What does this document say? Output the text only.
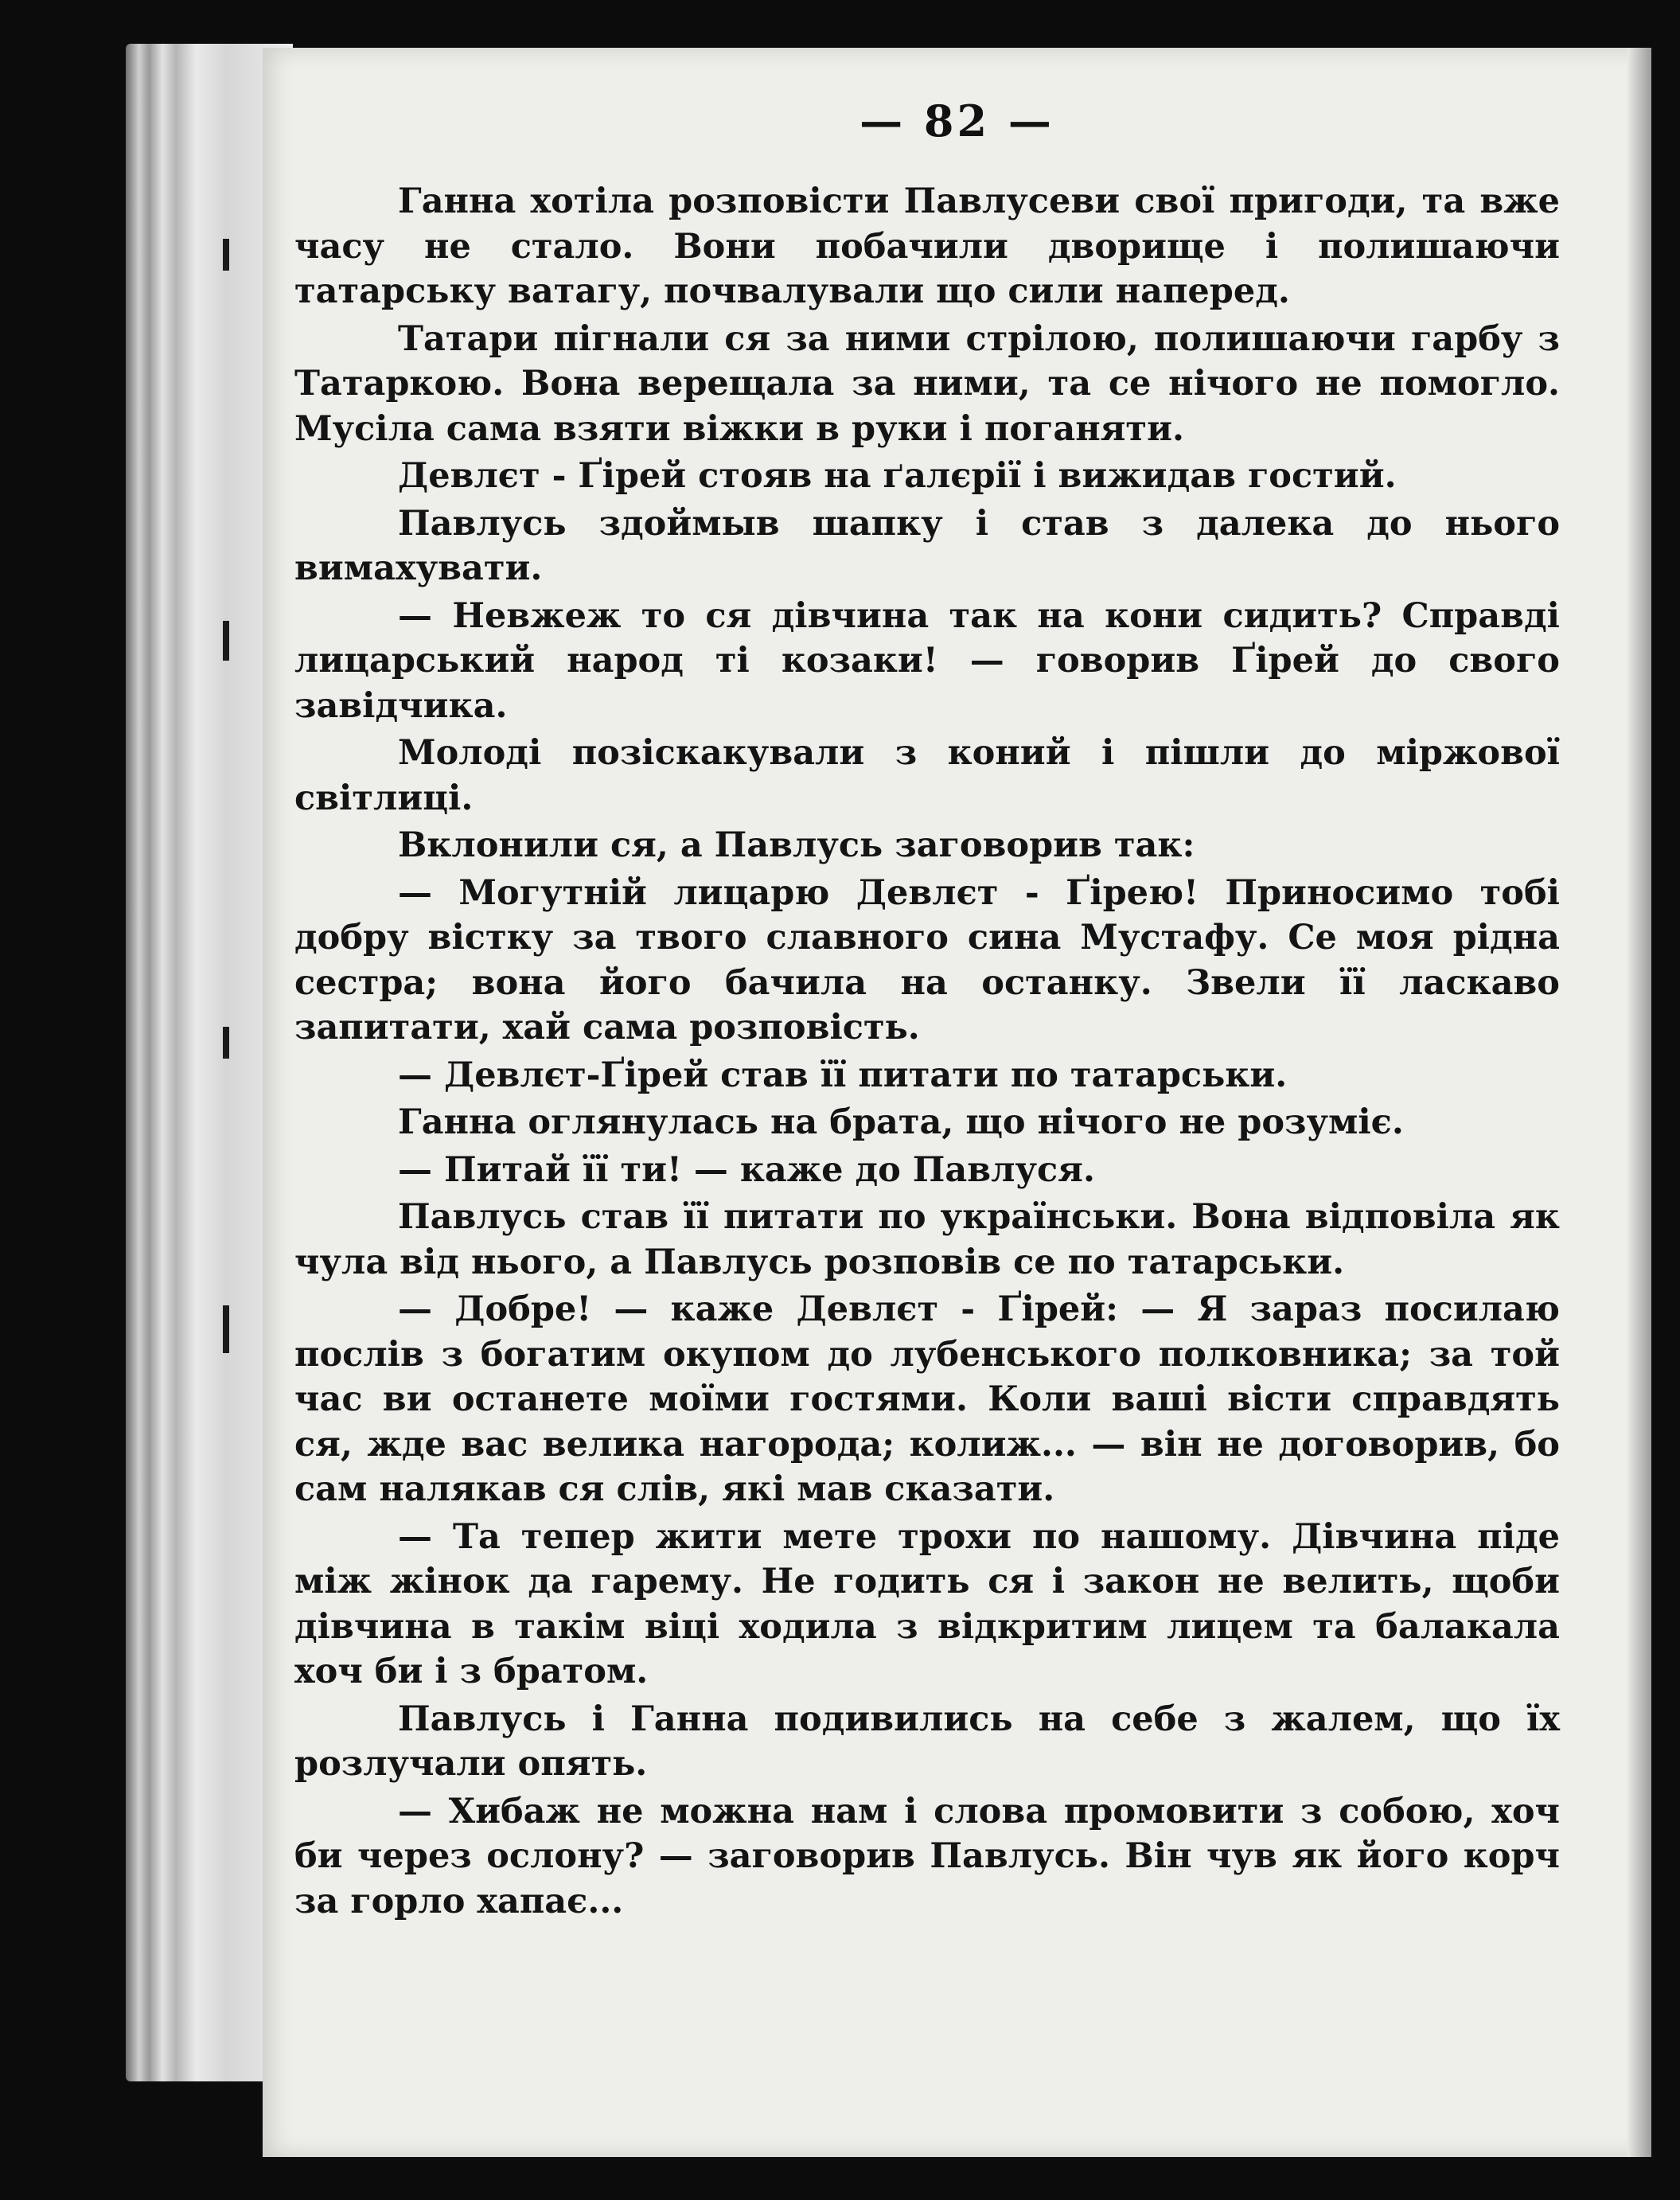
— 82 —

Ганна хотіла розповісти Павлусеви свої пригоди, та вже часу не стало. Вони побачили дворище і полишаючи татарську ватагу, почвалували що сили наперед.

Татари пігнали ся за ними стрілою, полишаючи гарбу з Татаркою. Вона верещала за ними, та се нічого не помогло. Мусіла сама взяти віжки в руки і поганяти.

Девлєт - Ґірей стояв на ґалєрії і вижидав гостий.

Павлусь здоймыв шапку і став з далека до нього вимахувати.

— Невжеж то ся дівчина так на кони сидить? Справді лицарський народ ті козаки! — говорив Ґірей до свого завідчика.

Молоді позіскакували з коний і пішли до міржової світлиці.

Вклонили ся, а Павлусь заговорив так:

— Могутній лицарю Девлєт - Ґірею! Приносимо тобі добру вістку за твого славного сина Мустафу. Се моя рідна сестра; вона його бачила на останку. Звели її ласкаво запитати, хай сама розповість.

— Девлєт-Ґірей став її питати по татарськи.

Ганна оглянулась на брата, що нічого не розуміє.

— Питай її ти! — каже до Павлуся.

Павлусь став її питати по українськи. Вона відповіла як чула від нього, а Павлусь розповів се по татарськи.

— Добре! — каже Девлєт - Ґірей: — Я зараз посилаю послів з богатим окупом до лубенського полковника; за той час ви останете моїми гостями. Коли ваші вісти справдять ся, жде вас велика нагорода; колиж... — він не договорив, бо сам налякав ся слів, які мав сказати.

— Та тепер жити мете трохи по нашому. Дівчина піде між жінок да гарему. Не годить ся і закон не велить, щоби дівчина в такім віці ходила з відкритим лицем та балакала хоч би і з братом.

Павлусь і Ганна подивились на себе з жалем, що їх розлучали опять.

— Хибаж не можна нам і слова промовити з собою, хоч би через ослону? — заговорив Павлусь. Він чув як його корч за горло хапає...
